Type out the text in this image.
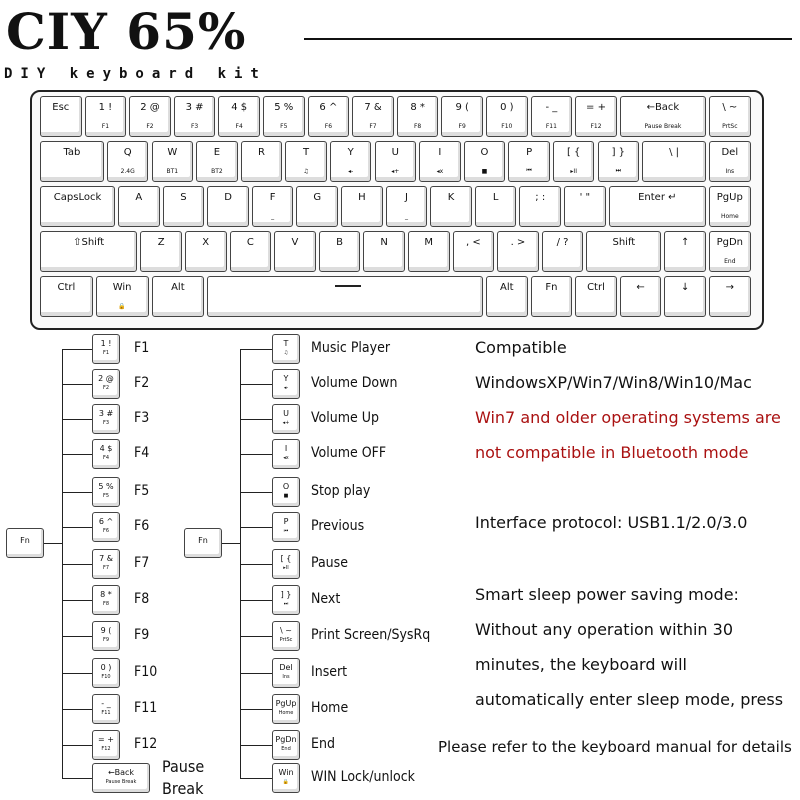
CIY 65%
DIY keyboard kit
Esc	1 !
F1
2 @
F2
3 #
F3
4 $
F4
5 %
F5
6 ^
F6
7 &
F7
8 *
F8
9 (
F9
0 )
F10
- _
F11
= +
F12
←Back
Pause Break
\ ~
PrtSc
Tab	Q
2.4G
W
BT1
E
BT2
R	T
♫
Y
◂-
U
◂+
I
◂x
O
■
P
⏮
[ {
▸II
] }
⏭
\ |	Del
Ins
CapsLock	A	S	D	F
_
G	H	J
_
K	L	; :	' "	Enter ↵	PgUp
Home
⇧Shift	Z	X	C	V	B	N	M	, <	. >	/ ?	Shift	↑	PgDn
End
Ctrl	Win
🔒
Alt	Alt	Fn	Ctrl	←	↓	→
Fn
1 !
F1	F1
2 @
F2	F2
3 #
F3	F3
4 $
F4	F4
5 %
F5	F5
6 ^
F6	F6
7 &
F7	F7
8 *
F8	F8
9 (
F9	F9
0 )
F10	F10
- _
F11	F11
= +
F12	F12
←Back
Pause Break
Pause
Break
Fn
T
♫	Music Player
Y
◂-	Volume Down
U
◂+	Volume Up
I
◂x	Volume OFF
O
■	Stop play
P
⏮	Previous
[ {
▸II	Pause
] }
⏭	Next
\ ~
PrtSc	Print Screen/SysRq
Del
Ins	Insert
PgUp
Home	Home
PgDn
End	End
Win
🔒	WIN Lock/unlock
Compatible
WindowsXP/Win7/Win8/Win10/Mac
Win7 and older operating systems are
not compatible in Bluetooth mode
Interface protocol: USB1.1/2.0/3.0
Smart sleep power saving mode:
Without any operation within 30
minutes, the keyboard will
automatically enter sleep mode, press
Please refer to the keyboard manual for details
